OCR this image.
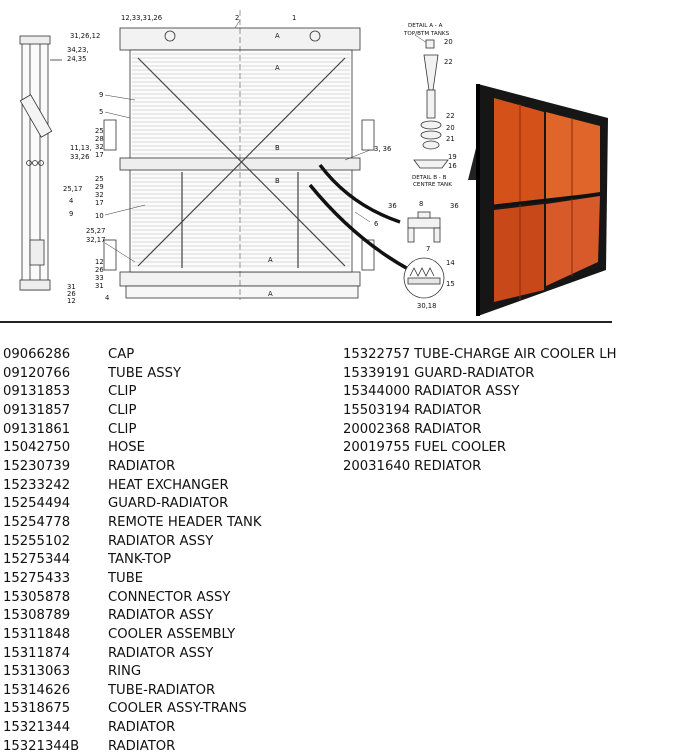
12,33,31,26	2	1
31,26,12
34,23,
24,35
11,13,
33,26
25,17
4
9
31
26
12
9
5
25
28
32
17
25
29
32
17
10
25,27
32,17
12
26
33
31
4
3, 36
6
A
A
B
B
A
A
DETAIL A - A
TOP/BTM TANKS
20
22
22
20
21
19
16
DETAIL B - B
CENTRE TANK
36	8	36
7
14
15
30,18
09066286	CAP
09120766	TUBE ASSY
09131853	CLIP
09131857	CLIP
09131861	CLIP
15042750	HOSE
15230739	RADIATOR
15233242	HEAT EXCHANGER
15254494	GUARD-RADIATOR
15254778	REMOTE HEADER TANK
15255102	RADIATOR ASSY
15275344	TANK-TOP
15275433	TUBE
15305878	CONNECTOR ASSY
15308789	RADIATOR ASSY
15311848	COOLER ASSEMBLY
15311874	RADIATOR ASSY
15313063	RING
15314626	TUBE-RADIATOR
15318675	COOLER ASSY-TRANS
15321344	RADIATOR
15321344B RADIATOR
15322757 TUBE-CHARGE AIR COOLER LH
15339191 GUARD-RADIATOR
15344000 RADIATOR ASSY
15503194 RADIATOR
20002368 RADIATOR
20019755 FUEL COOLER
20031640 REDIATOR
